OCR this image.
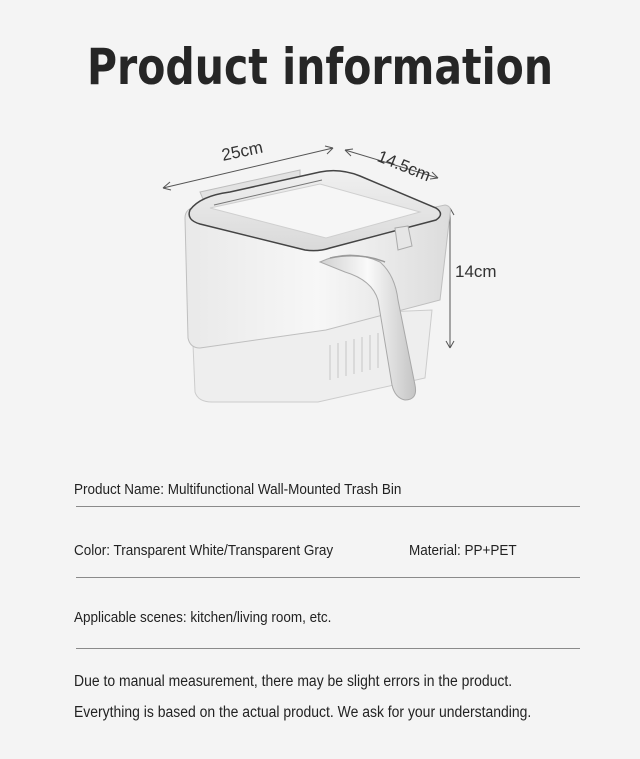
Product information
25cm	14.5cm
14cm
Product Name: Multifunctional Wall-Mounted Trash Bin
Color: Transparent White/Transparent Gray	Material: PP+PET
Applicable scenes: kitchen/living room, etc.
Due to manual measurement, there may be slight errors in the product.
Everything is based on the actual product. We ask for your understanding.
